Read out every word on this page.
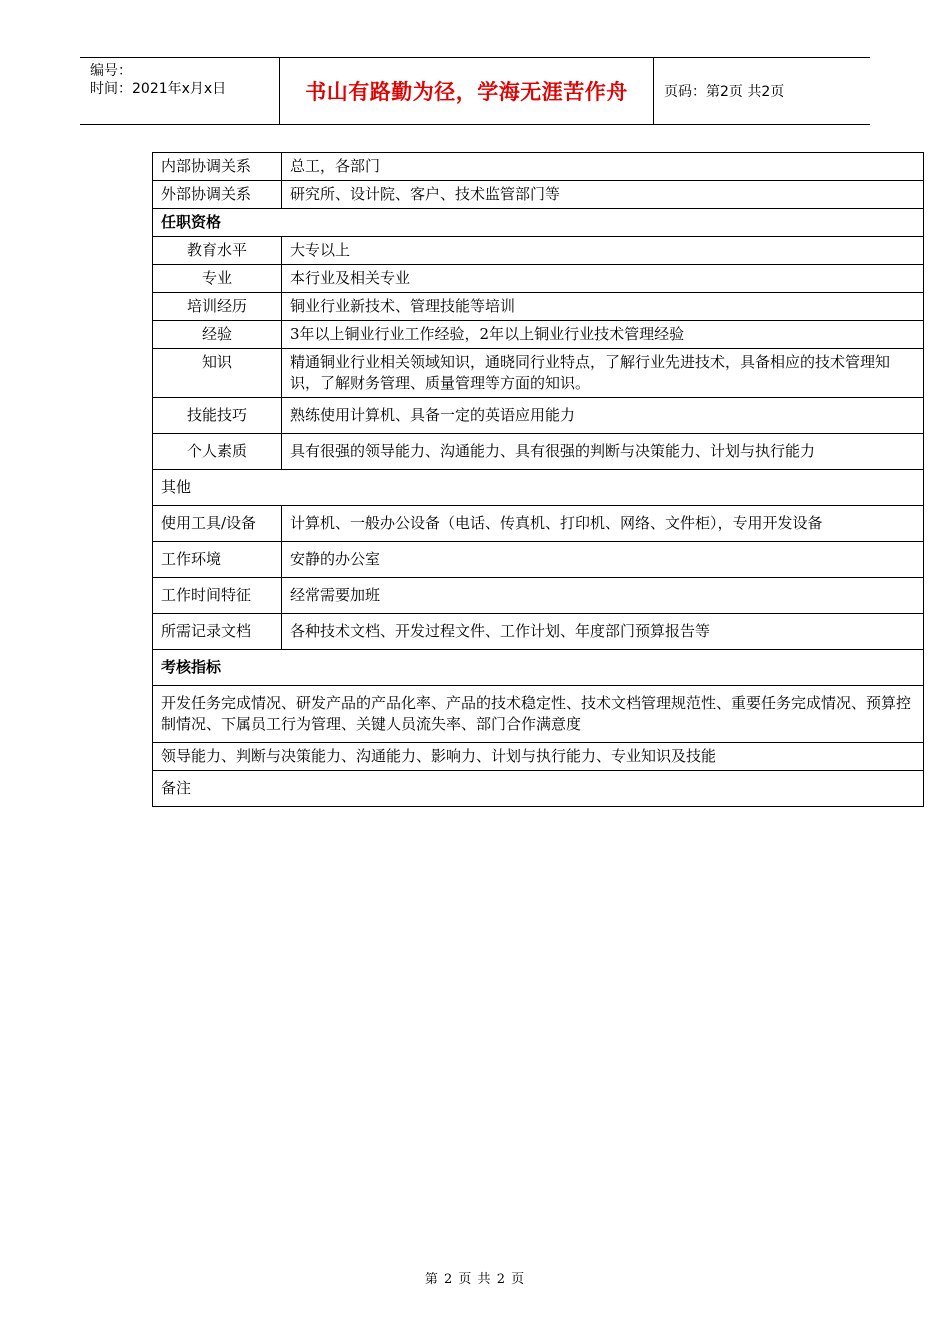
编号：
时间：2021年x月x日	书山有路勤为径，学海无涯苦作舟	页码：第2页 共2页
内部协调关系	总工，各部门
外部协调关系	研究所、设计院、客户、技术监管部门等
任职资格	
教育水平	大专以上
专业	本行业及相关专业
培训经历	铜业行业新技术、管理技能等培训
经验	3年以上铜业行业工作经验，2年以上铜业行业技术管理经验
知识	精通铜业行业相关领域知识，通晓同行业特点，了解行业先进技术，具备相应的技术管理知识，了解财务管理、质量管理等方面的知识。
技能技巧	熟练使用计算机、具备一定的英语应用能力
个人素质	具有很强的领导能力、沟通能力、具有很强的判断与决策能力、计划与执行能力
其他	
使用工具/设备	计算机、一般办公设备（电话、传真机、打印机、网络、文件柜），专用开发设备
工作环境	安静的办公室
工作时间特征	经常需要加班
所需记录文档	各种技术文档、开发过程文件、工作计划、年度部门预算报告等
考核指标	
开发任务完成情况、研发产品的产品化率、产品的技术稳定性、技术文档管理规范性、重要任务完成情况、预算控制情况、下属员工行为管理、关键人员流失率、部门合作满意度	
领导能力、判断与决策能力、沟通能力、影响力、计划与执行能力、专业知识及技能	
备注	
第 2 页 共 2 页
